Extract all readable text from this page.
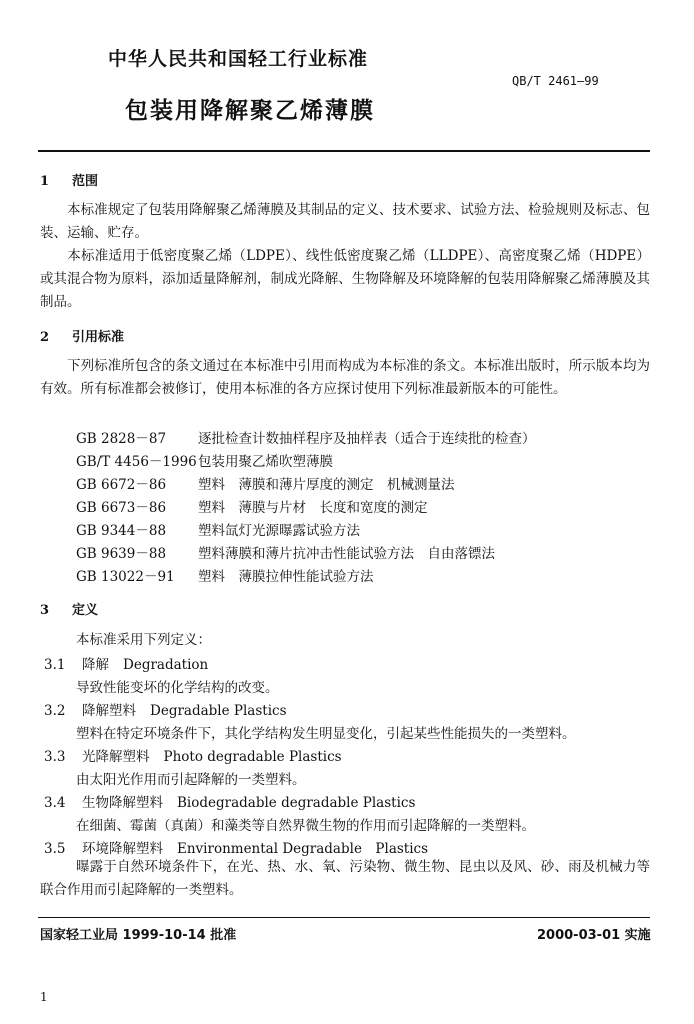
中华人民共和国轻工行业标准
QB/T 2461—99
包装用降解聚乙烯薄膜
1 范围
本标准规定了包装用降解聚乙烯薄膜及其制品的定义、技术要求、试验方法、检验规则及标志、包装、运输、贮存。
本标准适用于低密度聚乙烯（LDPE）、线性低密度聚乙烯（LLDPE）、高密度聚乙烯（HDPE）或其混合物为原料，添加适量降解剂，制成光降解、生物降解及环境降解的包装用降解聚乙烯薄膜及其制品。
2 引用标准
下列标准所包含的条文通过在本标准中引用而构成为本标准的条文。本标准出版时，所示版本均为有效。所有标准都会被修订，使用本标准的各方应探讨使用下列标准最新版本的可能性。
GB 2828－87 逐批检查计数抽样程序及抽样表（适合于连续批的检查）
GB/T 4456－1996包装用聚乙烯吹塑薄膜
GB 6672－86 塑料　薄膜和薄片厚度的测定　机械测量法
GB 6673－86 塑料　薄膜与片材　长度和宽度的测定
GB 9344－88 塑料氙灯光源曝露试验方法
GB 9639－88 塑料薄膜和薄片抗冲击性能试验方法　自由落镖法
GB 13022－91 塑料　薄膜拉伸性能试验方法
3 定义
本标准采用下列定义：
3.1 降解 Degradation
导致性能变坏的化学结构的改变。
3.2 降解塑料 Degradable Plastics
塑料在特定环境条件下，其化学结构发生明显变化，引起某些性能损失的一类塑料。
3.3 光降解塑料 Photo degradable Plastics
由太阳光作用而引起降解的一类塑料。
3.4 生物降解塑料 Biodegradable degradable Plastics
在细菌、霉菌（真菌）和藻类等自然界微生物的作用而引起降解的一类塑料。
3.5 环境降解塑料 Environmental Degradable　Plastics
曝露于自然环境条件下，在光、热、水、氧、污染物、微生物、昆虫以及风、砂、雨及机械力等联合作用而引起降解的一类塑料。
国家轻工业局 1999-10-14 批准	2000-03-01 实施
1
